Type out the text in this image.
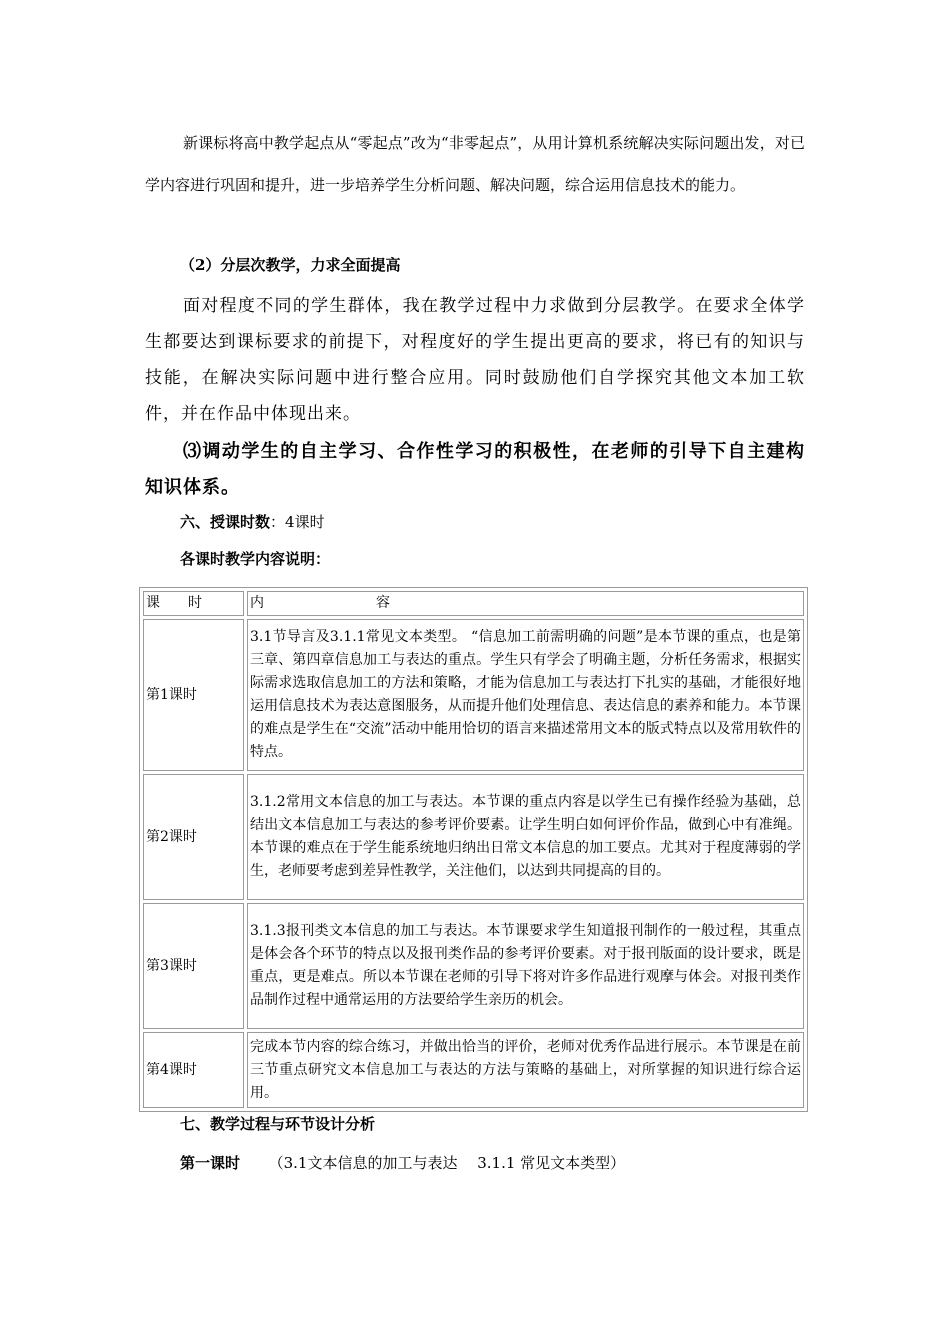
新课标将高中教学起点从“零起点”改为“非零起点”，从用计算机系统解决实际问题出发，对已学内容进行巩固和提升，进一步培养学生分析问题、解决问题，综合运用信息技术的能力。

（2）分层次教学，力求全面提高

面对程度不同的学生群体，我在教学过程中力求做到分层教学。在要求全体学生都要达到课标要求的前提下，对程度好的学生提出更高的要求，将已有的知识与技能，在解决实际问题中进行整合应用。同时鼓励他们自学探究其他文本加工软件，并在作品中体现出来。

⑶调动学生的自主学习、合作性学习的积极性，在老师的引导下自主建构知识体系。

六、授课时数：4课时

各课时教学内容说明：

课　　时	内　　　　　　　　容
第1课时	3.1节导言及3.1.1常见文本类型。 “信息加工前需明确的问题”是本节课的重点，也是第三章、第四章信息加工与表达的重点。学生只有学会了明确主题，分析任务需求，根据实际需求选取信息加工的方法和策略，才能为信息加工与表达打下扎实的基础，才能很好地运用信息技术为表达意图服务，从而提升他们处理信息、表达信息的素养和能力。本节课的难点是学生在“交流”活动中能用恰切的语言来描述常用文本的版式特点以及常用软件的特点。
第2课时	3.1.2常用文本信息的加工与表达。本节课的重点内容是以学生已有操作经验为基础，总结出文本信息加工与表达的参考评价要素。让学生明白如何评价作品，做到心中有准绳。本节课的难点在于学生能系统地归纳出日常文本信息的加工要点。尤其对于程度薄弱的学生，老师要考虑到差异性教学，关注他们，以达到共同提高的目的。
第3课时	3.1.3报刊类文本信息的加工与表达。本节课要求学生知道报刊制作的一般过程，其重点是体会各个环节的特点以及报刊类作品的参考评价要素。对于报刊版面的设计要求，既是重点，更是难点。所以本节课在老师的引导下将对许多作品进行观摩与体会。对报刊类作品制作过程中通常运用的方法要给学生亲历的机会。
第4课时	完成本节内容的综合练习，并做出恰当的评价，老师对优秀作品进行展示。本节课是在前三节重点研究文本信息加工与表达的方法与策略的基础上，对所掌握的知识进行综合运用。

七、教学过程与环节设计分析

第一课时 （3.1文本信息的加工与表达　 3.1.1 常见文本类型）
